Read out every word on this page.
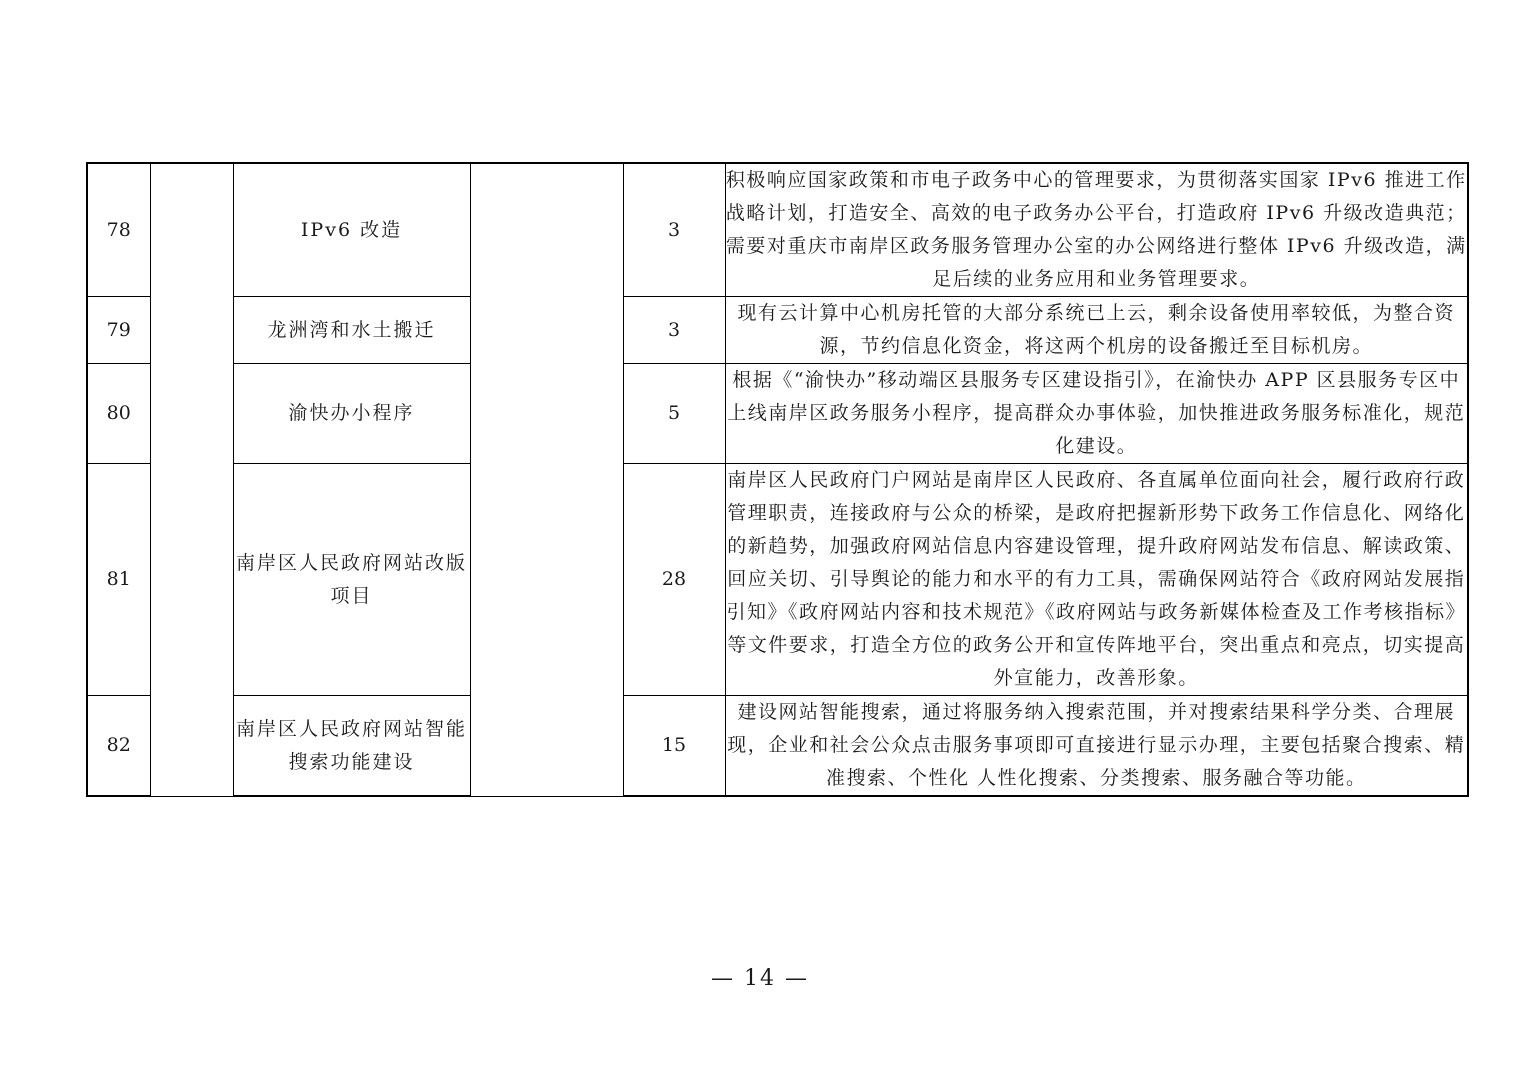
78		IPv6 改造		3	积极响应国家政策和市电子政务中心的管理要求，为贯彻落实国家 IPv6 推进工作战略计划，打造安全、高效的电子政务办公平台，打造政府 IPv6 升级改造典范；需要对重庆市南岸区政务服务管理办公室的办公网络进行整体 IPv6 升级改造，满足后续的业务应用和业务管理要求。
79		龙洲湾和水土搬迁		3	现有云计算中心机房托管的大部分系统已上云，剩余设备使用率较低，为整合资源，节约信息化资金，将这两个机房的设备搬迁至目标机房。
80		渝快办小程序		5	根据《“渝快办”移动端区县服务专区建设指引》，在渝快办 APP 区县服务专区中上线南岸区政务服务小程序，提高群众办事体验，加快推进政务服务标准化，规范化建设。
81		南岸区人民政府网站改版项目		28	南岸区人民政府门户网站是南岸区人民政府、各直属单位面向社会，履行政府行政管理职责，连接政府与公众的桥梁，是政府把握新形势下政务工作信息化、网络化的新趋势，加强政府网站信息内容建设管理，提升政府网站发布信息、解读政策、回应关切、引导舆论的能力和水平的有力工具，需确保网站符合《政府网站发展指引知》《政府网站内容和技术规范》《政府网站与政务新媒体检查及工作考核指标》等文件要求，打造全方位的政务公开和宣传阵地平台，突出重点和亮点，切实提高外宣能力，改善形象。
82		南岸区人民政府网站智能搜索功能建设		15	建设网站智能搜索，通过将服务纳入搜索范围，并对搜索结果科学分类、合理展现，企业和社会公众点击服务事项即可直接进行显示办理，主要包括聚合搜索、精准搜索、个性化 人性化搜索、分类搜索、服务融合等功能。
— 14 —
